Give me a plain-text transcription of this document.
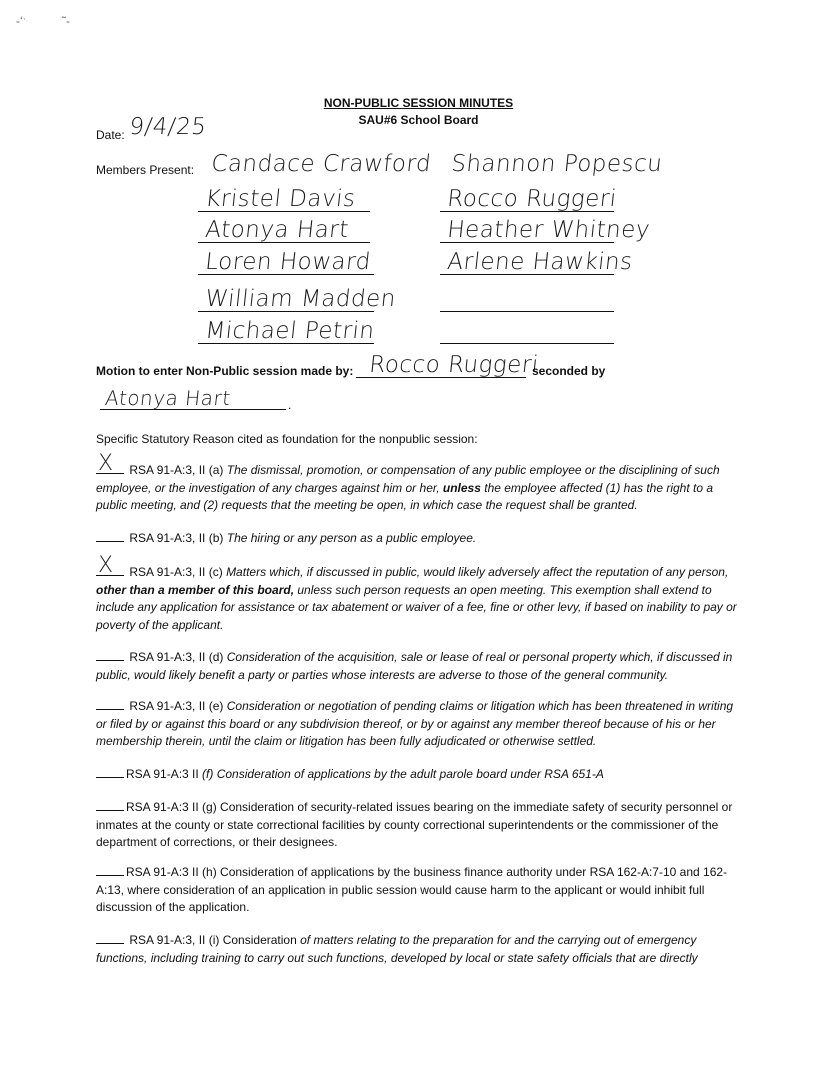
-‘ˑ	˜‑
NON-PUBLIC SESSION MINUTES
SAU#6 School Board
Date: 9/4/25
Members Present: Candace Crawford
Kristel Davis
Atonya Hart
Loren Howard
William Madden
Michael Petrin
Shannon Popescu
Rocco Ruggeri
Heather Whitney
Arlene Hawkins
Motion to enter Non-Public session made by: Rocco Ruggeri
seconded by
Atonya Hart	.
Specific Statutory Reason cited as foundation for the nonpublic session:
X RSA 91-A:3, II (a) The dismissal, promotion, or compensation of any public employee or the disciplining of such employee, or the investigation of any charges against him or her, unless the employee affected (1) has the right to a public meeting, and (2) requests that the meeting be open, in which case the request shall be granted.
RSA 91-A:3, II (b) The hiring or any person as a public employee.
X RSA 91-A:3, II (c) Matters which, if discussed in public, would likely adversely affect the reputation of any person, other than a member of this board, unless such person requests an open meeting. This exemption shall extend to include any application for assistance or tax abatement or waiver of a fee, fine or other levy, if based on inability to pay or poverty of the applicant.
RSA 91-A:3, II (d) Consideration of the acquisition, sale or lease of real or personal property which, if discussed in public, would likely benefit a party or parties whose interests are adverse to those of the general community.
RSA 91-A:3, II (e) Consideration or negotiation of pending claims or litigation which has been threatened in writing or filed by or against this board or any subdivision thereof, or by or against any member thereof because of his or her membership therein, until the claim or litigation has been fully adjudicated or otherwise settled.
RSA 91-A:3 II (f) Consideration of applications by the adult parole board under RSA 651-A
RSA 91-A:3 II (g) Consideration of security-related issues bearing on the immediate safety of security personnel or inmates at the county or state correctional facilities by county correctional superintendents or the commissioner of the department of corrections, or their designees.
RSA 91-A:3 II (h) Consideration of applications by the business finance authority under RSA 162-A:7-10 and 162-A:13, where consideration of an application in public session would cause harm to the applicant or would inhibit full discussion of the application.
RSA 91-A:3, II (i) Consideration of matters relating to the preparation for and the carrying out of emergency functions, including training to carry out such functions, developed by local or state safety officials that are directly
